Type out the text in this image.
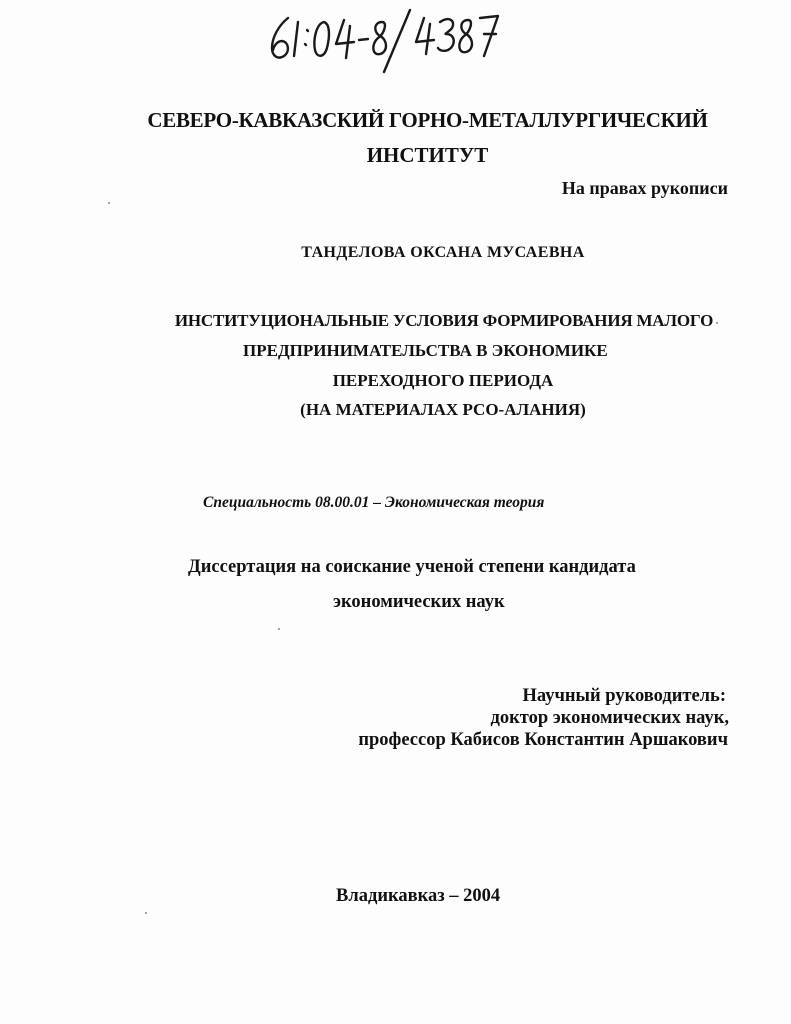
СЕВЕРО-КАВКАЗСКИЙ ГОРНО-МЕТАЛЛУРГИЧЕСКИЙ

ИНСТИТУТ

На правах рукописи

ТАНДЕЛОВА ОКСАНА МУСАЕВНА

ИНСТИТУЦИОНАЛЬНЫЕ УСЛОВИЯ ФОРМИРОВАНИЯ МАЛОГО

ПРЕДПРИНИМАТЕЛЬСТВА В ЭКОНОМИКЕ

ПЕРЕХОДНОГО ПЕРИОДА

(НА МАТЕРИАЛАХ РСО-АЛАНИЯ)

Специальность 08.00.01 – Экономическая теория

Диссертация на соискание ученой степени кандидата

экономических наук

Научный руководитель:

доктор экономических наук,

профессор Кабисов Константин Аршакович

Владикавказ – 2004
